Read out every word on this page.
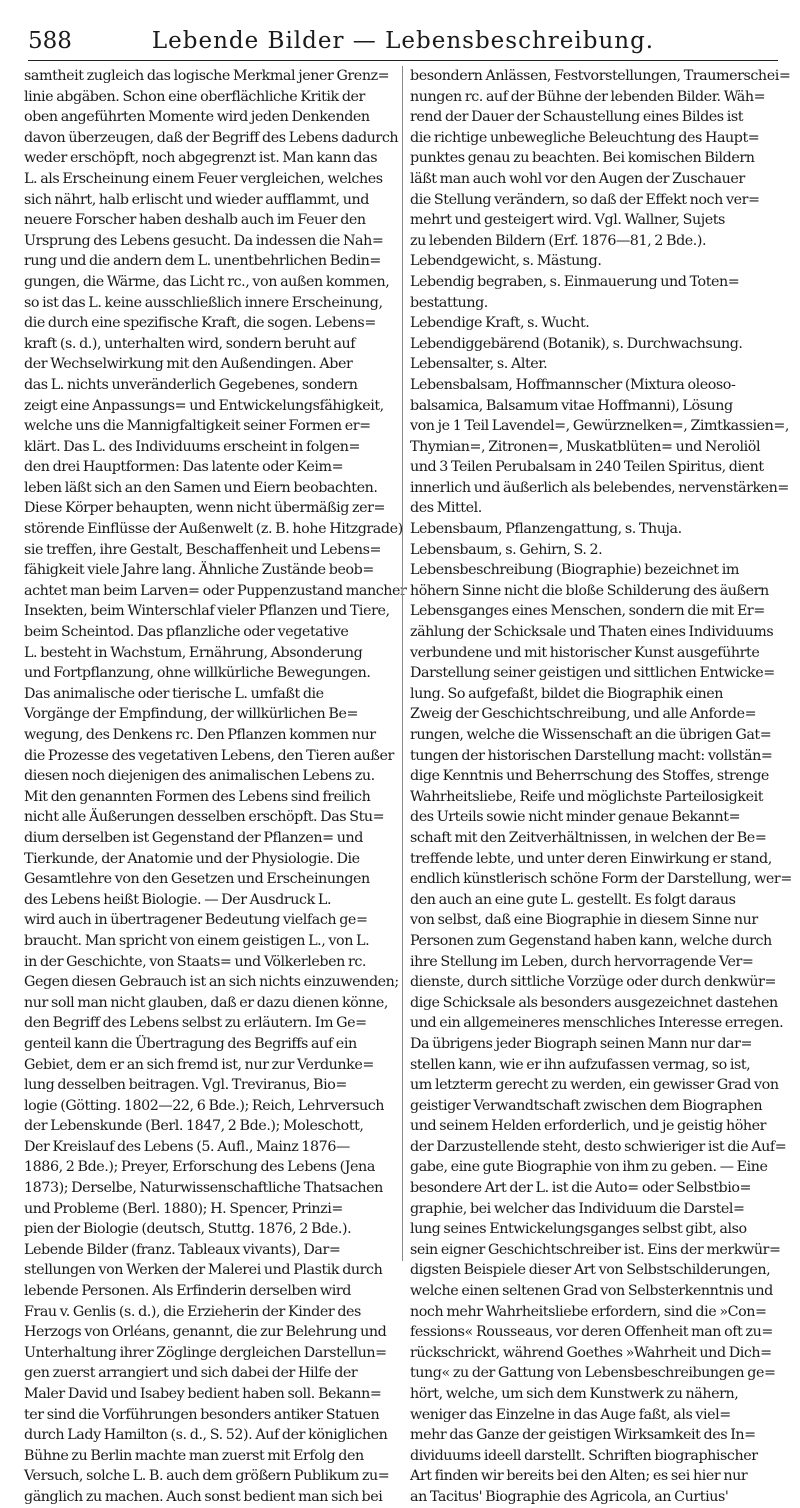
588	Lebende Bilder — Lebensbeschreibung.
samtheit zugleich das logische Merkmal jener Grenz=
linie abgäben. Schon eine oberflächliche Kritik der
oben angeführten Momente wird jeden Denkenden
davon überzeugen, daß der Begriff des Lebens dadurch
weder erschöpft, noch abgegrenzt ist. Man kann das
L. als Erscheinung einem Feuer vergleichen, welches
sich nährt, halb erlischt und wieder aufflammt, und
neuere Forscher haben deshalb auch im Feuer den
Ursprung des Lebens gesucht. Da indessen die Nah=
rung und die andern dem L. unentbehrlichen Bedin=
gungen, die Wärme, das Licht rc., von außen kommen,
so ist das L. keine ausschließlich innere Erscheinung,
die durch eine spezifische Kraft, die sogen. Lebens=
kraft (s. d.), unterhalten wird, sondern beruht auf
der Wechselwirkung mit den Außendingen. Aber
das L. nichts unveränderlich Gegebenes, sondern
zeigt eine Anpassungs= und Entwickelungsfähigkeit,
welche uns die Mannigfaltigkeit seiner Formen er=
klärt. Das L. des Individuums erscheint in folgen=
den drei Hauptformen: Das latente oder Keim=
leben läßt sich an den Samen und Eiern beobachten.
Diese Körper behaupten, wenn nicht übermäßig zer=
störende Einflüsse der Außenwelt (z. B. hohe Hitzgrade)
sie treffen, ihre Gestalt, Beschaffenheit und Lebens=
fähigkeit viele Jahre lang. Ähnliche Zustände beob=
achtet man beim Larven= oder Puppenzustand mancher
Insekten, beim Winterschlaf vieler Pflanzen und Tiere,
beim Scheintod. Das pflanzliche oder vegetative
L. besteht in Wachstum, Ernährung, Absonderung
und Fortpflanzung, ohne willkürliche Bewegungen.
Das animalische oder tierische L. umfaßt die
Vorgänge der Empfindung, der willkürlichen Be=
wegung, des Denkens rc. Den Pflanzen kommen nur
die Prozesse des vegetativen Lebens, den Tieren außer
diesen noch diejenigen des animalischen Lebens zu.
Mit den genannten Formen des Lebens sind freilich
nicht alle Äußerungen desselben erschöpft. Das Stu=
dium derselben ist Gegenstand der Pflanzen= und
Tierkunde, der Anatomie und der Physiologie. Die
Gesamtlehre von den Gesetzen und Erscheinungen
des Lebens heißt Biologie. — Der Ausdruck L.
wird auch in übertragener Bedeutung vielfach ge=
braucht. Man spricht von einem geistigen L., von L.
in der Geschichte, von Staats= und Völkerleben rc.
Gegen diesen Gebrauch ist an sich nichts einzuwenden;
nur soll man nicht glauben, daß er dazu dienen könne,
den Begriff des Lebens selbst zu erläutern. Im Ge=
genteil kann die Übertragung des Begriffs auf ein
Gebiet, dem er an sich fremd ist, nur zur Verdunke=
lung desselben beitragen. Vgl. Treviranus, Bio=
logie (Götting. 1802—22, 6 Bde.); Reich, Lehrversuch
der Lebenskunde (Berl. 1847, 2 Bde.); Moleschott,
Der Kreislauf des Lebens (5. Aufl., Mainz 1876—
1886, 2 Bde.); Preyer, Erforschung des Lebens (Jena
1873); Derselbe, Naturwissenschaftliche Thatsachen
und Probleme (Berl. 1880); H. Spencer, Prinzi=
pien der Biologie (deutsch, Stuttg. 1876, 2 Bde.).
Lebende Bilder (franz. Tableaux vivants), Dar=
stellungen von Werken der Malerei und Plastik durch
lebende Personen. Als Erfinderin derselben wird
Frau v. Genlis (s. d.), die Erzieherin der Kinder des
Herzogs von Orléans, genannt, die zur Belehrung und
Unterhaltung ihrer Zöglinge dergleichen Darstellun=
gen zuerst arrangiert und sich dabei der Hilfe der
Maler David und Isabey bedient haben soll. Bekann=
ter sind die Vorführungen besonders antiker Statuen
durch Lady Hamilton (s. d., S. 52). Auf der königlichen
Bühne zu Berlin machte man zuerst mit Erfolg den
Versuch, solche L. B. auch dem größern Publikum zu=
gänglich zu machen. Auch sonst bedient man sich bei
besondern Anlässen, Festvorstellungen, Traumerschei=
nungen rc. auf der Bühne der lebenden Bilder. Wäh=
rend der Dauer der Schaustellung eines Bildes ist
die richtige unbewegliche Beleuchtung des Haupt=
punktes genau zu beachten. Bei komischen Bildern
läßt man auch wohl vor den Augen der Zuschauer
die Stellung verändern, so daß der Effekt noch ver=
mehrt und gesteigert wird. Vgl. Wallner, Sujets
zu lebenden Bildern (Erf. 1876—81, 2 Bde.).
Lebendgewicht, s. Mästung.
Lebendig begraben, s. Einmauerung und Toten=
bestattung.
Lebendige Kraft, s. Wucht.
Lebendiggebärend (Botanik), s. Durchwachsung.
Lebensalter, s. Alter.
Lebensbalsam, Hoffmannscher (Mixtura oleoso-
balsamica, Balsamum vitae Hoffmanni), Lösung
von je 1 Teil Lavendel=, Gewürznelken=, Zimtkassien=,
Thymian=, Zitronen=, Muskatblüten= und Neroliöl
und 3 Teilen Perubalsam in 240 Teilen Spiritus, dient
innerlich und äußerlich als belebendes, nervenstärken=
des Mittel.
Lebensbaum, Pflanzengattung, s. Thuja.
Lebensbaum, s. Gehirn, S. 2.
Lebensbeschreibung (Biographie) bezeichnet im
höhern Sinne nicht die bloße Schilderung des äußern
Lebensganges eines Menschen, sondern die mit Er=
zählung der Schicksale und Thaten eines Individuums
verbundene und mit historischer Kunst ausgeführte
Darstellung seiner geistigen und sittlichen Entwicke=
lung. So aufgefaßt, bildet die Biographik einen
Zweig der Geschichtschreibung, und alle Anforde=
rungen, welche die Wissenschaft an die übrigen Gat=
tungen der historischen Darstellung macht: vollstän=
dige Kenntnis und Beherrschung des Stoffes, strenge
Wahrheitsliebe, Reife und möglichste Parteilosigkeit
des Urteils sowie nicht minder genaue Bekannt=
schaft mit den Zeitverhältnissen, in welchen der Be=
treffende lebte, und unter deren Einwirkung er stand,
endlich künstlerisch schöne Form der Darstellung, wer=
den auch an eine gute L. gestellt. Es folgt daraus
von selbst, daß eine Biographie in diesem Sinne nur
Personen zum Gegenstand haben kann, welche durch
ihre Stellung im Leben, durch hervorragende Ver=
dienste, durch sittliche Vorzüge oder durch denkwür=
dige Schicksale als besonders ausgezeichnet dastehen
und ein allgemeineres menschliches Interesse erregen.
Da übrigens jeder Biograph seinen Mann nur dar=
stellen kann, wie er ihn aufzufassen vermag, so ist,
um letzterm gerecht zu werden, ein gewisser Grad von
geistiger Verwandtschaft zwischen dem Biographen
und seinem Helden erforderlich, und je geistig höher
der Darzustellende steht, desto schwieriger ist die Auf=
gabe, eine gute Biographie von ihm zu geben. — Eine
besondere Art der L. ist die Auto= oder Selbstbio=
graphie, bei welcher das Individuum die Darstel=
lung seines Entwickelungsganges selbst gibt, also
sein eigner Geschichtschreiber ist. Eins der merkwür=
digsten Beispiele dieser Art von Selbstschilderungen,
welche einen seltenen Grad von Selbsterkenntnis und
noch mehr Wahrheitsliebe erfordern, sind die »Con=
fessions« Rousseaus, vor deren Offenheit man oft zu=
rückschrickt, während Goethes »Wahrheit und Dich=
tung« zu der Gattung von Lebensbeschreibungen ge=
hört, welche, um sich dem Kunstwerk zu nähern,
weniger das Einzelne in das Auge faßt, als viel=
mehr das Ganze der geistigen Wirksamkeit des In=
dividuums ideell darstellt. Schriften biographischer
Art finden wir bereits bei den Alten; es sei hier nur
an Tacitus' Biographie des Agricola, an Curtius'
